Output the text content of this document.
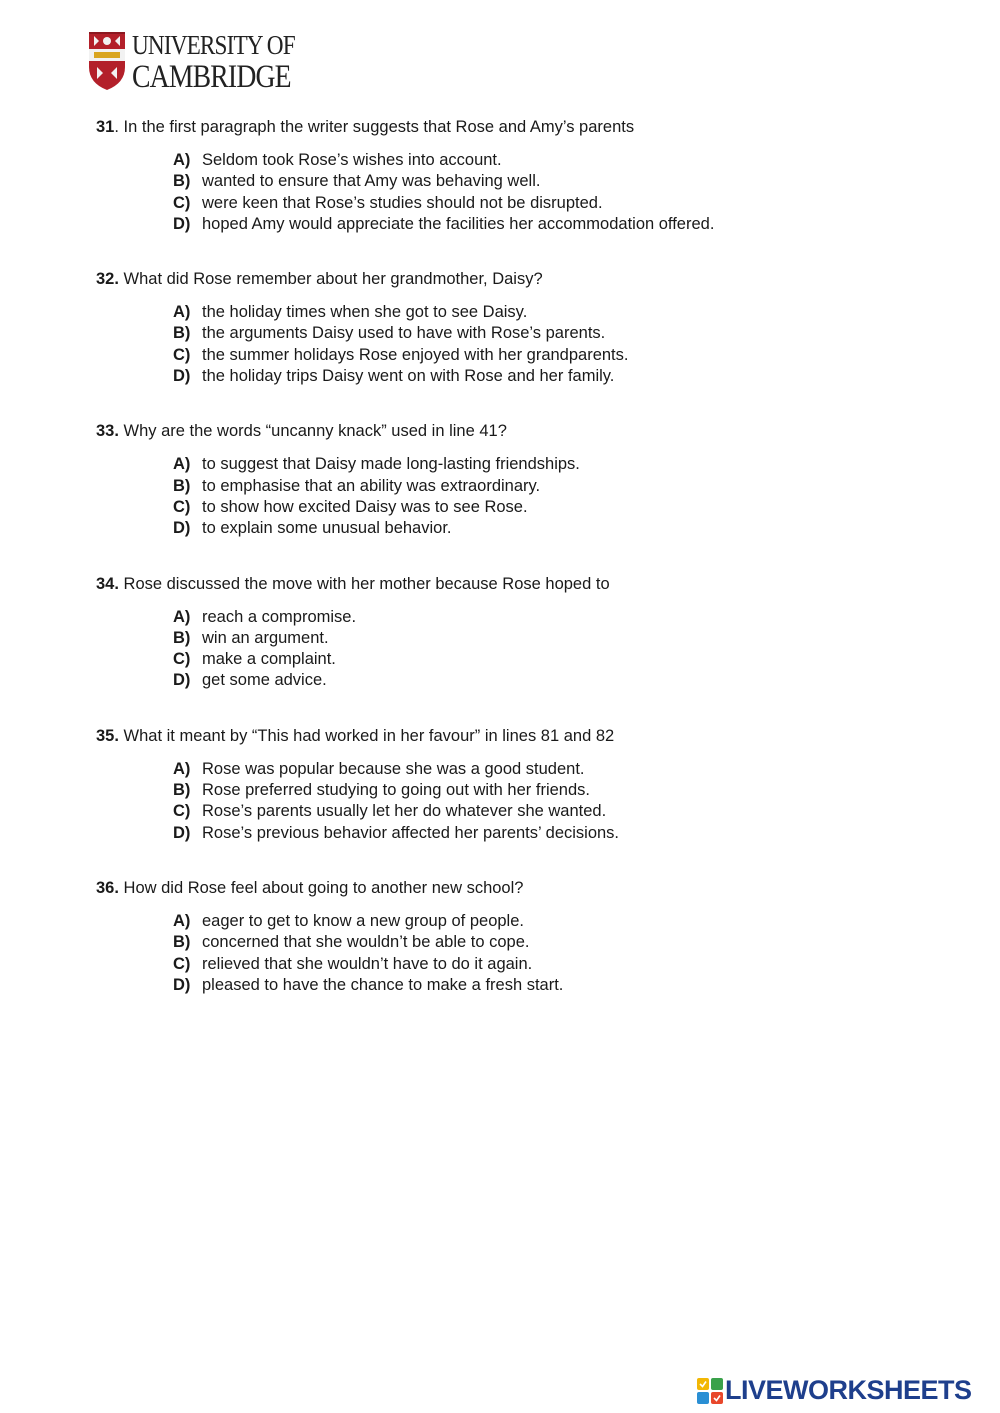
UNIVERSITY OF
CAMBRIDGE
31. In the first paragraph the writer suggests that Rose and Amy’s parents
A) Seldom took Rose’s wishes into account.
B) wanted to ensure that Amy was behaving well.
C) were keen that Rose’s studies should not be disrupted.
D) hoped Amy would appreciate the facilities her accommodation offered.
32. What did Rose remember about her grandmother, Daisy?
A) the holiday times when she got to see Daisy.
B) the arguments Daisy used to have with Rose’s parents.
C) the summer holidays Rose enjoyed with her grandparents.
D) the holiday trips Daisy went on with Rose and her family.
33. Why are the words “uncanny knack” used in line 41?
A) to suggest that Daisy made long-lasting friendships.
B) to emphasise that an ability was extraordinary.
C) to show how excited Daisy was to see Rose.
D) to explain some unusual behavior.
34. Rose discussed the move with her mother because Rose hoped to
A) reach a compromise.
B) win an argument.
C) make a complaint.
D) get some advice.
35. What it meant by “This had worked in her favour” in lines 81 and 82
A) Rose was popular because she was a good student.
B) Rose preferred studying to going out with her friends.
C) Rose’s parents usually let her do whatever she wanted.
D) Rose’s previous behavior affected her parents’ decisions.
36. How did Rose feel about going to another new school?
A) eager to get to know a new group of people.
B) concerned that she wouldn’t be able to cope.
C) relieved that she wouldn’t have to do it again.
D) pleased to have the chance to make a fresh start.
LIVEWORKSHEETS
